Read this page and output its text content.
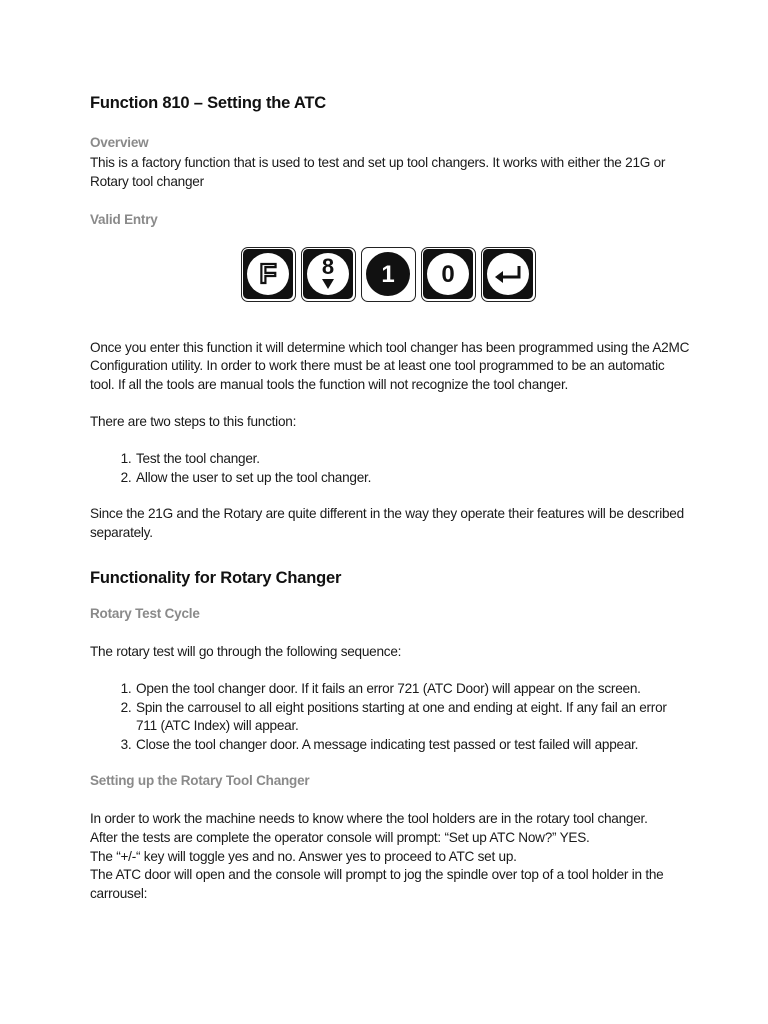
Function 810 – Setting the ATC
Overview

This is a factory function that is used to test and set up tool changers. It works with either the 21G or Rotary tool changer

Valid Entry
F 8 1 0

Once you enter this function it will determine which tool changer has been programmed using the A2MC Configuration utility. In order to work there must be at least one tool programmed to be an automatic tool. If all the tools are manual tools the function will not recognize the tool changer.

There are two steps to this function:

1. Test the tool changer.
2. Allow the user to set up the tool changer.

Since the 21G and the Rotary are quite different in the way they operate their features will be described separately.

Functionality for Rotary Changer
Rotary Test Cycle

The rotary test will go through the following sequence:

1. Open the tool changer door. If it fails an error 721 (ATC Door) will appear on the screen.
2. Spin the carrousel to all eight positions starting at one and ending at eight. If any fail an error 711 (ATC Index) will appear.
3. Close the tool changer door. A message indicating test passed or test failed will appear.
Setting up the Rotary Tool Changer

In order to work the machine needs to know where the tool holders are in the rotary tool changer.

After the tests are complete the operator console will prompt: “Set up ATC Now?” YES.

The “+/-“ key will toggle yes and no. Answer yes to proceed to ATC set up.

The ATC door will open and the console will prompt to jog the spindle over top of a tool holder in the carrousel:
